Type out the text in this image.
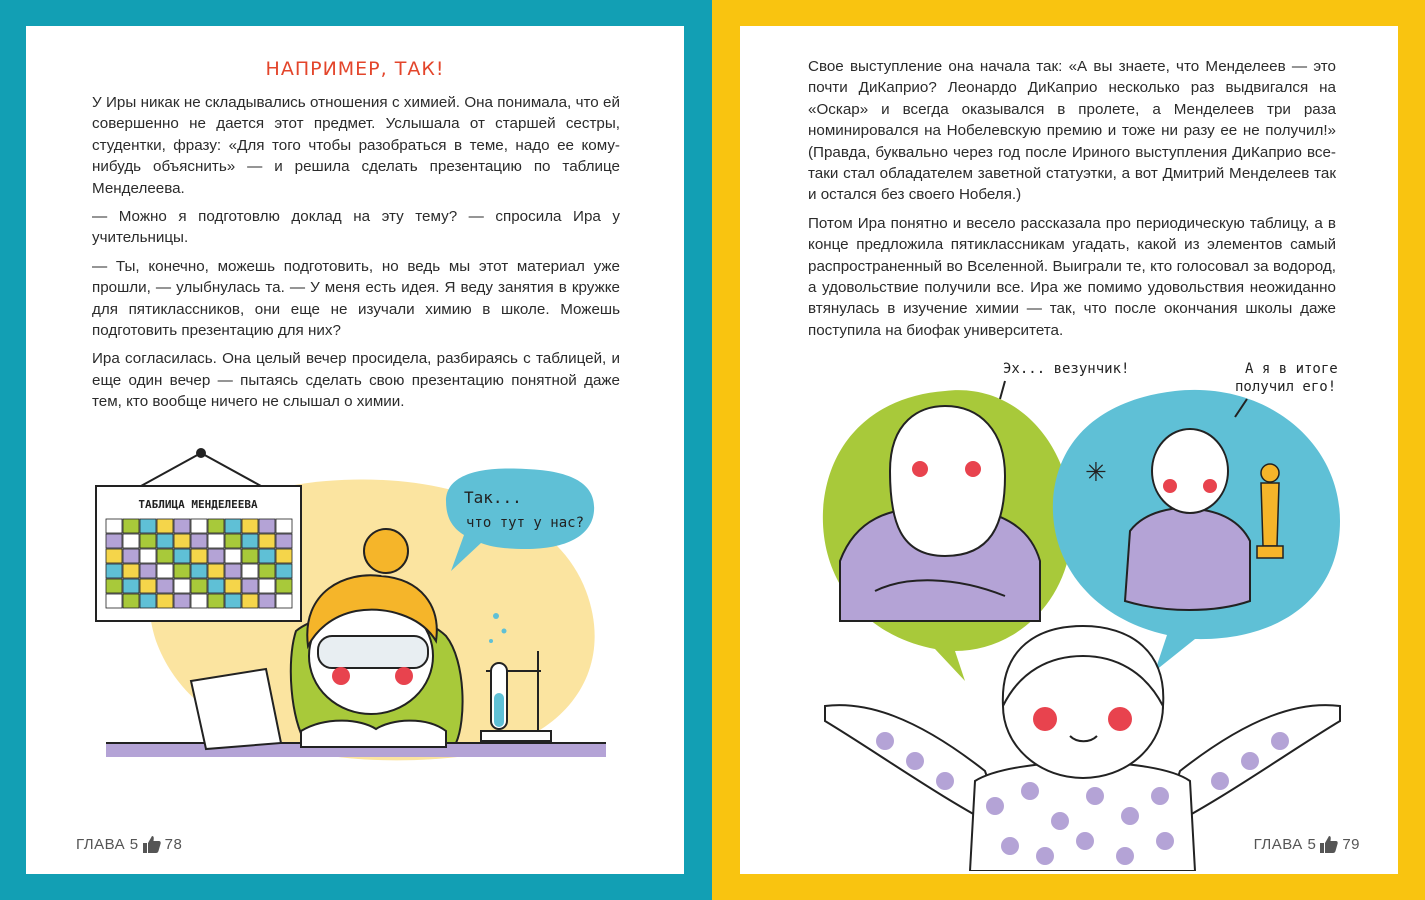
НАПРИМЕР, ТАК!

У Иры никак не складывались отношения с химией. Она понимала, что ей совершенно не дается этот предмет. Услышала от старшей сестры, студентки, фразу: «Для того чтобы разобраться в теме, надо ее кому-нибудь объяснить» — и решила сделать презентацию по таблице Менделеева.

— Можно я подготовлю доклад на эту тему? — спросила Ира у учительницы.

— Ты, конечно, можешь подготовить, но ведь мы этот материал уже прошли, — улыбнулась та. — У меня есть идея. Я веду занятия в кружке для пятиклассников, они еще не изучали химию в школе. Можешь подготовить презентацию для них?

Ира согласилась. Она целый вечер просидела, разбираясь с таблицей, и еще один вечер — пытаясь сделать свою презентацию понятной даже тем, кто вообще ничего не слышал о химии.

ТАБЛИЦА МЕНДЕЛЕЕВА	Так...
что тут у нас?
ГЛАВА 5 78

Свое выступление она начала так: «А вы знаете, что Менделеев — это почти ДиКаприо? Леонардо ДиКаприо несколько раз выдвигался на «Оскар» и всегда оказывался в пролете, а Менделеев три раза номинировался на Нобелевскую премию и тоже ни разу ее не получил!» (Правда, буквально через год после Ириного выступления ДиКаприо все-таки стал обладателем заветной статуэтки, а вот Дмитрий Менделеев так и остался без своего Нобеля.)

Потом Ира понятно и весело рассказала про периодическую таблицу, а в конце предложила пятиклассникам угадать, какой из элементов самый распространенный во Вселенной. Выиграли те, кто голосовал за водород, а удовольствие получили все. Ира же помимо удовольствия неожиданно втянулась в изучение химии — так, что после окончания школы даже поступила на биофак университета.

Эх... везунчик!	А я в итоге
получил его!
✳
ГЛАВА 5 79
